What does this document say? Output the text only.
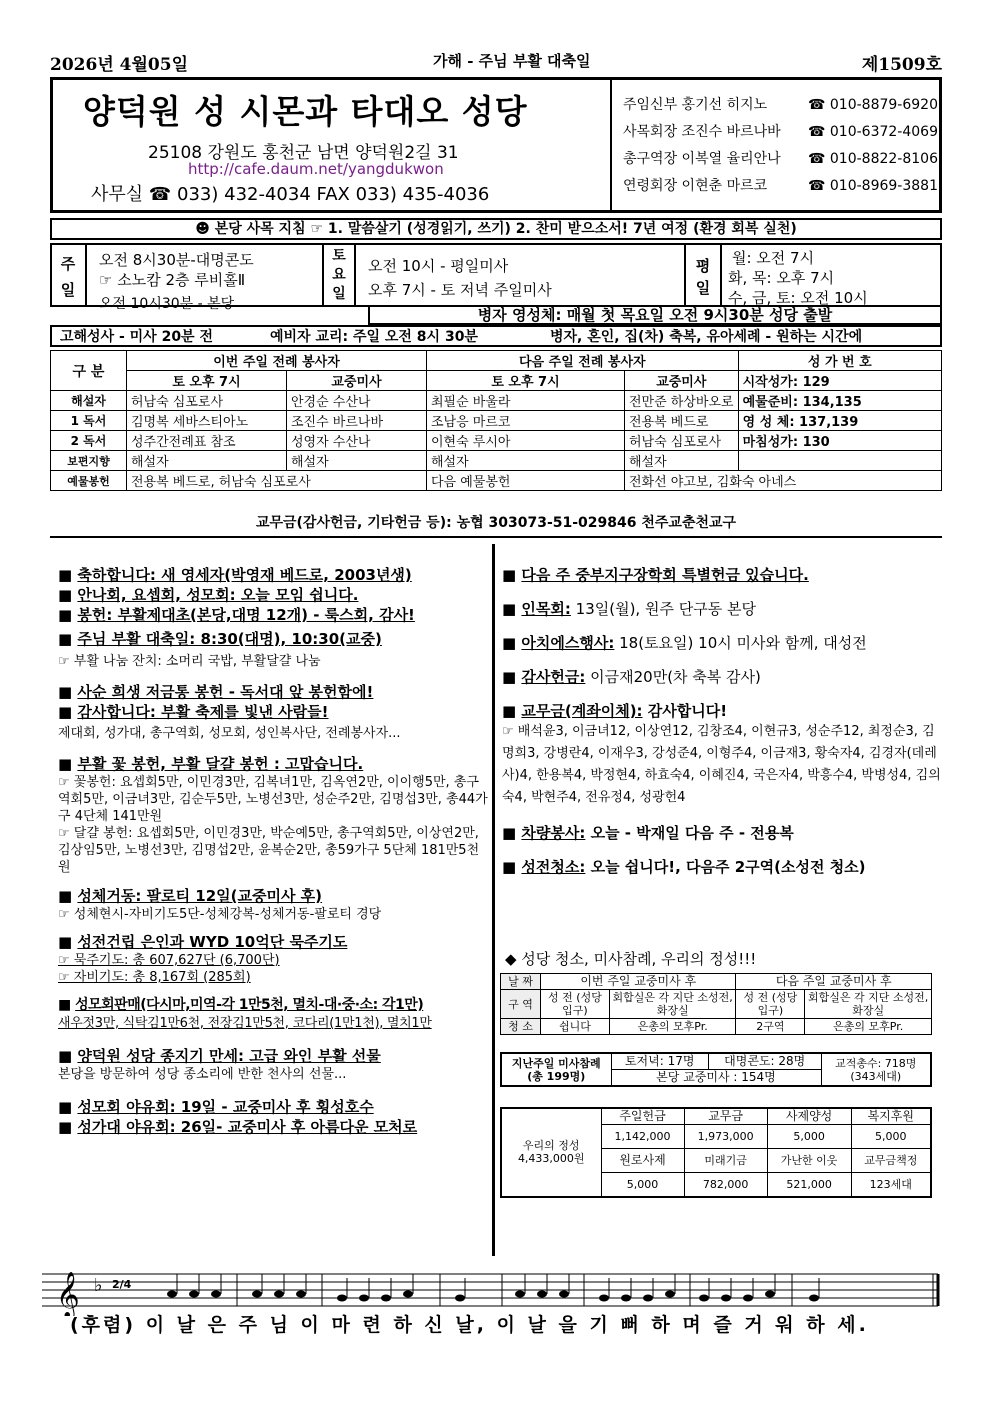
2026년 4월05일	가해 - 주님 부활 대축일	제1509호
양덕원 성 시몬과 타대오 성당
25108 강원도 홍천군 남면 양덕원2길 31
http://cafe.daum.net/yangdukwon
사무실 ☎ 033) 432-4034 FAX 033) 435-4036
주임신부 홍기선 히지노	☎ 010-8879-6920
사목회장 조진수 바르나바 ☎ 010-6372-4069
총구역장 이복열 율리안나 ☎ 010-8822-8106
연령회장 이현춘 마르코	☎ 010-8969-3881
☻ 본당 사목 지침 ☞ 1. 말씀살기 (성경읽기, 쓰기) 2. 찬미 받으소서! 7년 여정 (환경 회복 실천)
주 일
오전 8시30분-대명콘도
☞ 소노캄 2층 루비홀Ⅱ
오전 10시30분 - 본당
토 요 일
오전 10시 - 평일미사
오후 7시 - 토 저녁 주일미사
평 일
월: 오전 7시
화, 목: 오후 7시
수, 금, 토: 오전 10시
병자 영성체: 매월 첫 목요일 오전 9시30분 성당 출발
고해성사 - 미사 20분 전	예비자 교리: 주일 오전 8시 30분	병자, 혼인, 집(차) 축복, 유아세례 - 원하는 시간에
구 분	이번 주일 전례 봉사자		다음 주일 전례 봉사자		성 가 번 호
	토 오후 7시	교중미사	토 오후 7시	교중미사	시작성가: 129
해설자	허남숙 심포로사	안경순 수산나	최필순 바울라	전만준 하상바오로	예물준비: 134,135
1 독서	김명복 세바스티아노	조진수 바르나바	조남응 마르코	전용복 베드로	영 성 체: 137,139
2 독서	성주간전례표 참조	성영자 수산나	이현숙 루시아	허남숙 심포로사	마침성가: 130
보편지향	해설자	해설자	해설자	해설자	
예물봉헌	전용복 베드로, 허남숙 심포로사		다음 예물봉헌	전화선 야고보, 김화숙 아네스	
교무금(감사헌금, 기타헌금 등): 농협 303073-51-029846 천주교춘천교구
■ 축하합니다: 새 영세자(박영재 베드로, 2003년생)
■ 안나회, 요셉회, 성모회: 오늘 모임 쉽니다.
■ 봉헌: 부활제대초(본당,대명 12개) - 룩스회, 감사!
■ 주님 부활 대축일: 8:30(대명), 10:30(교중)
☞ 부활 나눔 잔치: 소머리 국밥, 부활달걀 나눔
■ 사순 희생 저금통 봉헌 - 독서대 앞 봉헌함에!
■ 감사합니다: 부활 축제를 빛낸 사람들!
제대회, 성가대, 총구역회, 성모회, 성인복사단, 전례봉사자...
■ 부활 꽃 봉헌, 부활 달걀 봉헌 : 고맙습니다.
☞ 꽃봉헌: 요셉회5만, 이민경3만, 김복녀1만, 김옥연2만, 이이행5만, 총구역회5만, 이금녀3만, 김순두5만, 노병선3만, 성순주2만, 김명섭3만, 총44가구 4단체 141만원
☞ 달걀 봉헌: 요셉회5만, 이민경3만, 박순예5만, 총구역회5만, 이상연2만, 김상임5만, 노병선3만, 김명섭2만, 윤복순2만, 총59가구 5단체 181만5천원
■ 성체거동: 팔로티 12일(교중미사 후)
☞ 성체현시-자비기도5단-성체강복-성체거동-팔로티 경당
■ 성전건립 은인과 WYD 10억단 묵주기도
☞ 묵주기도: 총 607,627단 (6,700단)
☞ 자비기도: 총 8,167회 (285회)
■ 성모회판매(다시마,미역-각 1만5천, 멸치-대·중·소: 각1만)
새우젓3만, 식탁김1만6천, 전장김1만5천, 코다리(1만1천), 멸치1만
■ 양덕원 성당 종지기 만세: 고급 와인 부활 선물
본당을 방문하여 성당 종소리에 반한 천사의 선물...
■ 성모회 야유회: 19일 - 교중미사 후 횡성호수
■ 성가대 야유회: 26일- 교중미사 후 아름다운 모처로
■ 다음 주 중부지구장학회 특별헌금 있습니다.
■ 인목회: 13일(월), 원주 단구동 본당
■ 아치에스행사: 18(토요일) 10시 미사와 함께, 대성전
■ 감사헌금: 이금재20만(차 축복 감사)
■ 교무금(계좌이체): 감사합니다!
☞ 배석윤3, 이금녀12, 이상연12, 김창조4, 이현규3, 성순주12, 최정순3, 김명희3, 강병란4, 이재우3, 강성준4, 이형주4, 이금재3, 황숙자4, 김경자(데레사)4, 한용복4, 박정현4, 하효숙4, 이혜진4, 국은자4, 박흥수4, 박병성4, 김의숙4, 박현주4, 전유정4, 성광헌4
■ 차량봉사: 오늘 - 박재일 다음 주 - 전용복
■ 성전청소: 오늘 쉽니다!, 다음주 2구역(소성전 청소)
◆ 성당 청소, 미사참례, 우리의 정성!!!
날 짜	이번 주일 교중미사 후		다음 주일 교중미사 후	
구 역	성 전 (성당입구)	회합실은 각 지단 소성전, 화장실	성 전 (성당입구)	회합실은 각 지단 소성전, 화장실
청 소	쉽니다	은총의 모후Pr.	2구역	은총의 모후Pr.
지난주일 미사참례 (총 199명)	토저녁: 17명	대명콘도: 28명	교적총수: 718명 (343세대)
본당 교중미사 : 154명
우리의 정성 4,433,000원	주일헌금	교무금	사제양성	복지후원
	1,142,000	1,973,000	5,000	5,000
	원로사제	미래기금	가난한 이웃	교무금책정
	5,000	782,000	521,000	123세대
𝄞 ♭ 2/4
(후렴) 이 날 은 주 님 이 마 련 하 신 날, 이 날 을 기 뻐 하 며 즐 거 워 하 세.
